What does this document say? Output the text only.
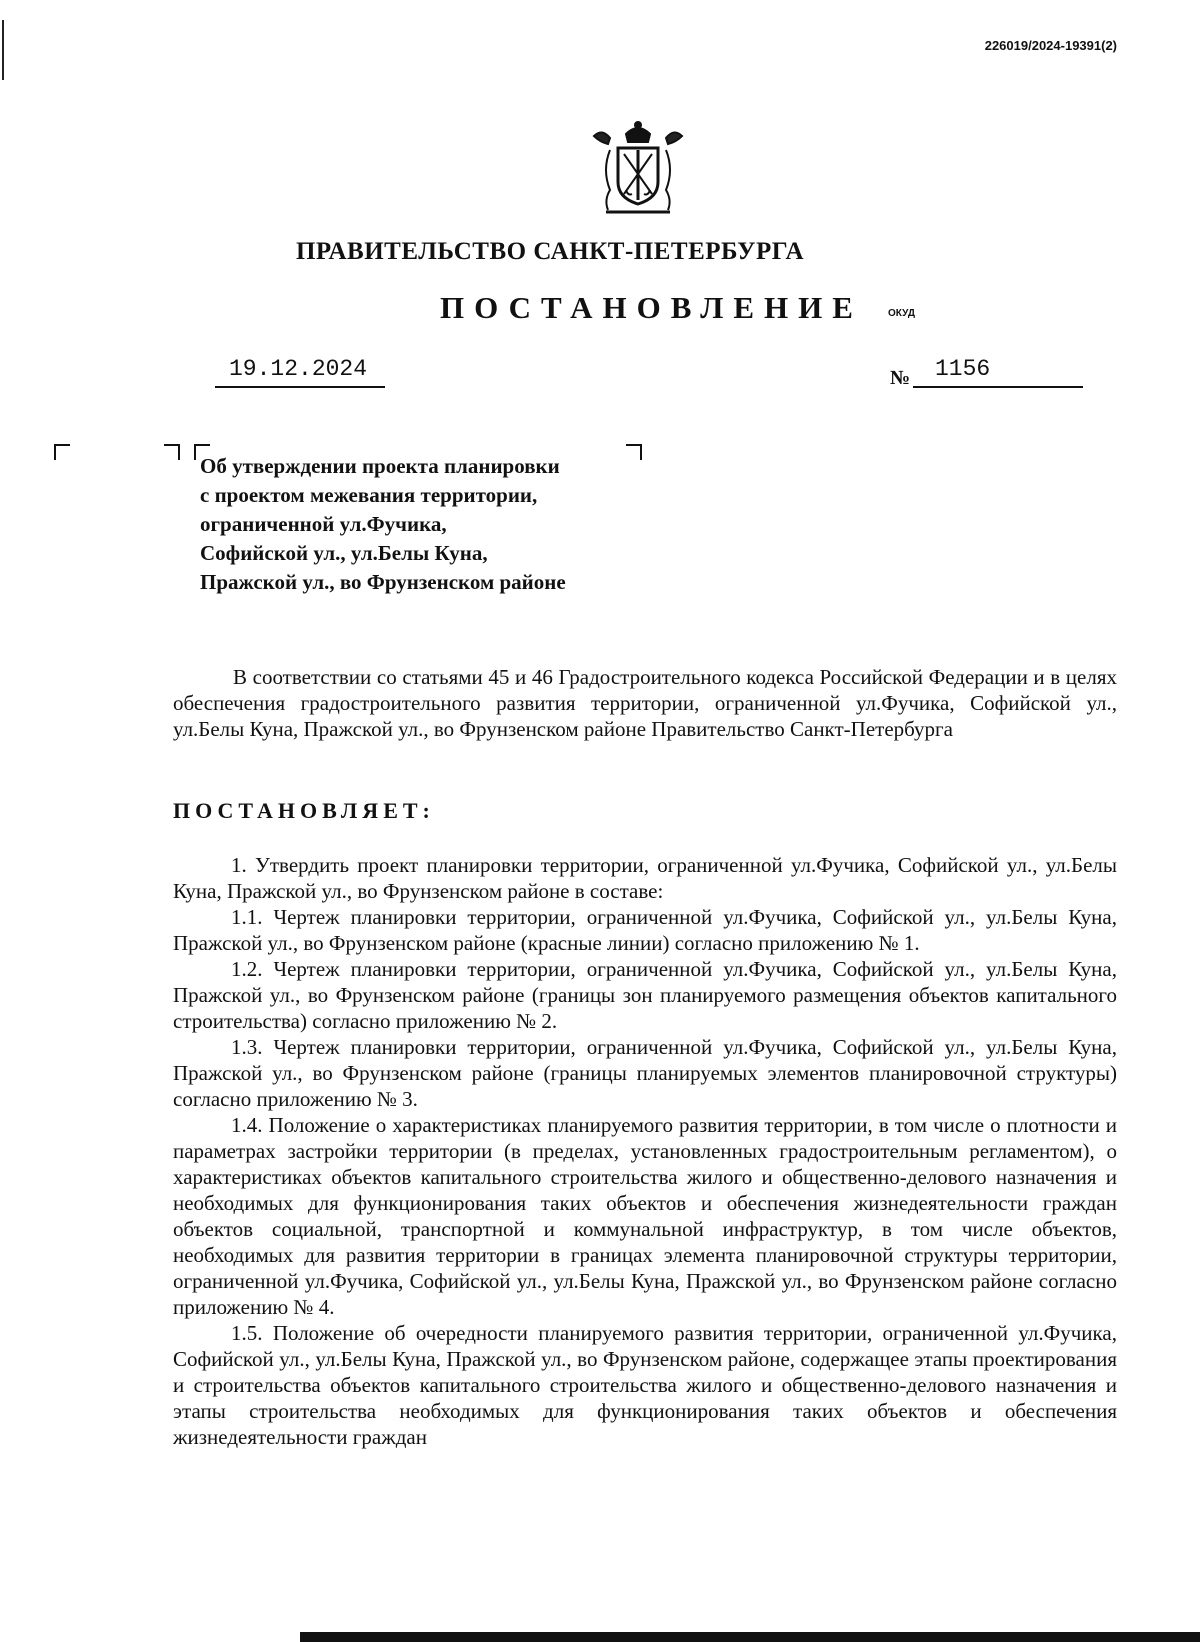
226019/2024-19391(2)
ПРАВИТЕЛЬСТВО САНКТ-ПЕТЕРБУРГА
ПОСТАНОВЛЕНИЕ	ОКУД
19.12.2024	№	1156
Об утверждении проекта планировки
с проектом межевания территории,
ограниченной ул.Фучика,
Софийской ул., ул.Белы Куна,
Пражской ул., во Фрунзенском районе

В соответствии со статьями 45 и 46 Градостроительного кодекса Российской Федерации и в целях обеспечения градостроительного развития территории, ограниченной ул.Фучика, Софийской ул., ул.Белы Куна, Пражской ул., во Фрунзенском районе Правительство Санкт-Петербурга

ПОСТАНОВЛЯЕТ:

1. Утвердить проект планировки территории, ограниченной ул.Фучика, Софийской ул., ул.Белы Куна, Пражской ул., во Фрунзенском районе в составе:

1.1. Чертеж планировки территории, ограниченной ул.Фучика, Софийской ул., ул.Белы Куна, Пражской ул., во Фрунзенском районе (красные линии) согласно приложению № 1.

1.2. Чертеж планировки территории, ограниченной ул.Фучика, Софийской ул., ул.Белы Куна, Пражской ул., во Фрунзенском районе (границы зон планируемого размещения объектов капитального строительства) согласно приложению № 2.

1.3. Чертеж планировки территории, ограниченной ул.Фучика, Софийской ул., ул.Белы Куна, Пражской ул., во Фрунзенском районе (границы планируемых элементов планировочной структуры) согласно приложению № 3.

1.4. Положение о характеристиках планируемого развития территории, в том числе о плотности и параметрах застройки территории (в пределах, установленных градостроительным регламентом), о характеристиках объектов капитального строительства жилого и общественно-делового назначения и необходимых для функционирования таких объектов и обеспечения жизнедеятельности граждан объектов социальной, транспортной и коммунальной инфраструктур, в том числе объектов, необходимых для развития территории в границах элемента планировочной структуры территории, ограниченной ул.Фучика, Софийской ул., ул.Белы Куна, Пражской ул., во Фрунзенском районе согласно приложению № 4.

1.5. Положение об очередности планируемого развития территории, ограниченной ул.Фучика, Софийской ул., ул.Белы Куна, Пражской ул., во Фрунзенском районе, содержащее этапы проектирования и строительства объектов капитального строительства жилого и общественно-делового назначения и этапы строительства необходимых для функционирования таких объектов и обеспечения жизнедеятельности граждан
